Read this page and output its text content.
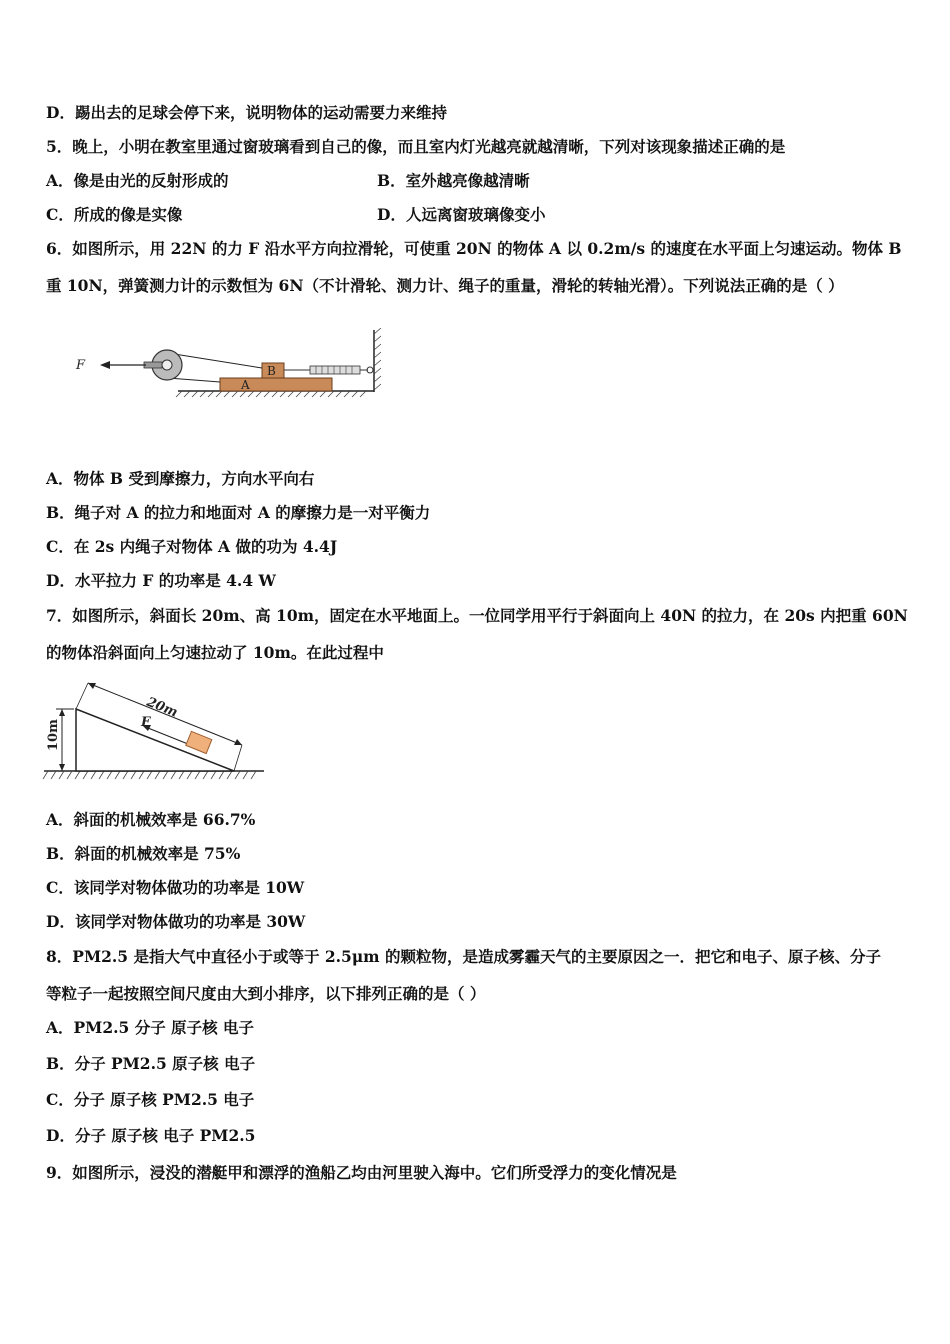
D．踢出去的足球会停下来，说明物体的运动需要力来维持
5．晚上，小明在教室里通过窗玻璃看到自己的像，而且室内灯光越亮就越清晰，下列对该现象描述正确的是
A．像是由光的反射形成的	B．室外越亮像越清晰
C．所成的像是实像	D．人远离窗玻璃像变小
6．如图所示，用 22N 的力 F 沿水平方向拉滑轮，可使重 20N 的物体 A 以 0.2m/s 的速度在水平面上匀速运动。物体 B
重 10N，弹簧测力计的示数恒为 6N（不计滑轮、测力计、绳子的重量，滑轮的转轴光滑）。下列说法正确的是（ ）
A
B
F
A．物体 B 受到摩擦力，方向水平向右
B．绳子对 A 的拉力和地面对 A 的摩擦力是一对平衡力
C．在 2s 内绳子对物体 A 做的功为 4.4J
D．水平拉力 F 的功率是 4.4 W
7．如图所示，斜面长 20m、高 10m，固定在水平地面上。一位同学用平行于斜面向上 40N 的拉力，在 20s 内把重 60N
的物体沿斜面向上匀速拉动了 10m。在此过程中
10m
20m
F
A．斜面的机械效率是 66.7%
B．斜面的机械效率是 75%
C．该同学对物体做功的功率是 10W
D．该同学对物体做功的功率是 30W
8．PM2.5 是指大气中直径小于或等于 2.5μm 的颗粒物，是造成雾霾天气的主要原因之一．把它和电子、原子核、分子
等粒子一起按照空间尺度由大到小排序，以下排列正确的是（ ）
A．PM2.5 分子 原子核 电子
B．分子 PM2.5 原子核 电子
C．分子 原子核 PM2.5 电子
D．分子 原子核 电子 PM2.5
9．如图所示，浸没的潜艇甲和漂浮的渔船乙均由河里驶入海中。它们所受浮力的变化情况是
